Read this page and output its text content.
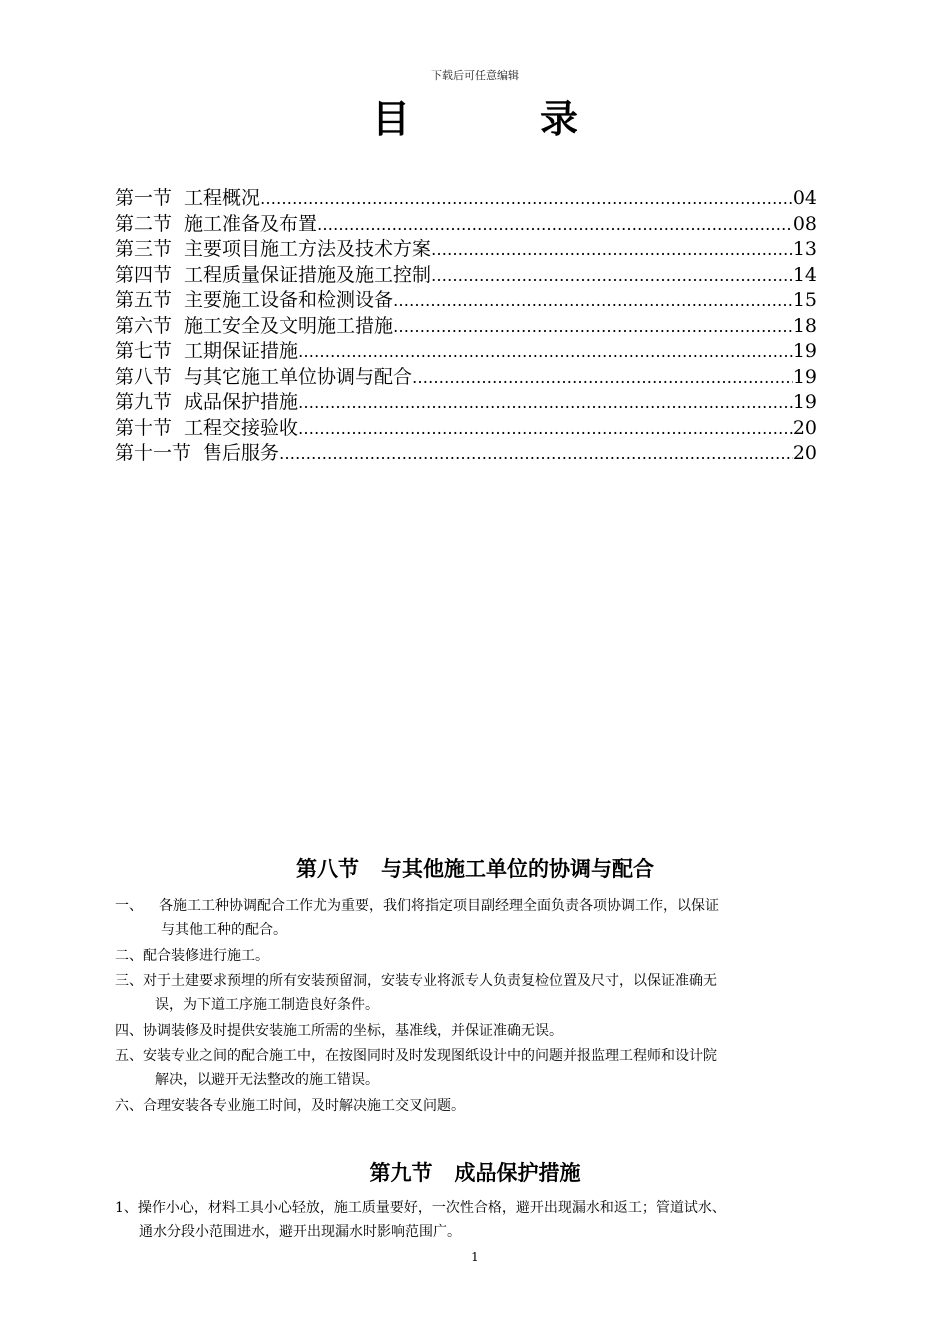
下载后可任意编辑
目录
第一节 工程概况 ……………………………………………………………………………………………………………………………………………………………………………	04
第二节 施工准备及布置 ……………………………………………………………………………………………………………………………………………………………………………	08
第三节 主要项目施工方法及技术方案 ……………………………………………………………………………………………………………………………………………………………………………	13
第四节 工程质量保证措施及施工控制 ……………………………………………………………………………………………………………………………………………………………………………	14
第五节 主要施工设备和检测设备 ……………………………………………………………………………………………………………………………………………………………………………	15
第六节 施工安全及文明施工措施 ……………………………………………………………………………………………………………………………………………………………………………	18
第七节 工期保证措施 ……………………………………………………………………………………………………………………………………………………………………………	19
第八节 与其它施工单位协调与配合 ……………………………………………………………………………………………………………………………………………………………………………	19
第九节 成品保护措施 ……………………………………………………………………………………………………………………………………………………………………………	19
第十节 工程交接验收 ……………………………………………………………………………………………………………………………………………………………………………	20
第十一节 售后服务 ……………………………………………………………………………………………………………………………………………………………………………	20
第八节 与其他施工单位的协调与配合
一、 各施工工种协调配合工作尤为重要，我们将指定项目副经理全面负责各项协调工作，以保证
与其他工种的配合。
二、配合装修进行施工。
三、对于土建要求预埋的所有安装预留洞，安装专业将派专人负责复检位置及尺寸，以保证准确无
误，为下道工序施工制造良好条件。
四、协调装修及时提供安装施工所需的坐标，基准线，并保证准确无误。
五、安装专业之间的配合施工中，在按图同时及时发现图纸设计中的问题并报监理工程师和设计院
解决，以避开无法整改的施工错误。
六、合理安装各专业施工时间，及时解决施工交叉问题。
第九节 成品保护措施
1、操作小心，材料工具小心轻放，施工质量要好，一次性合格，避开出现漏水和返工；管道试水、
通水分段小范围进水，避开出现漏水时影响范围广。
1
